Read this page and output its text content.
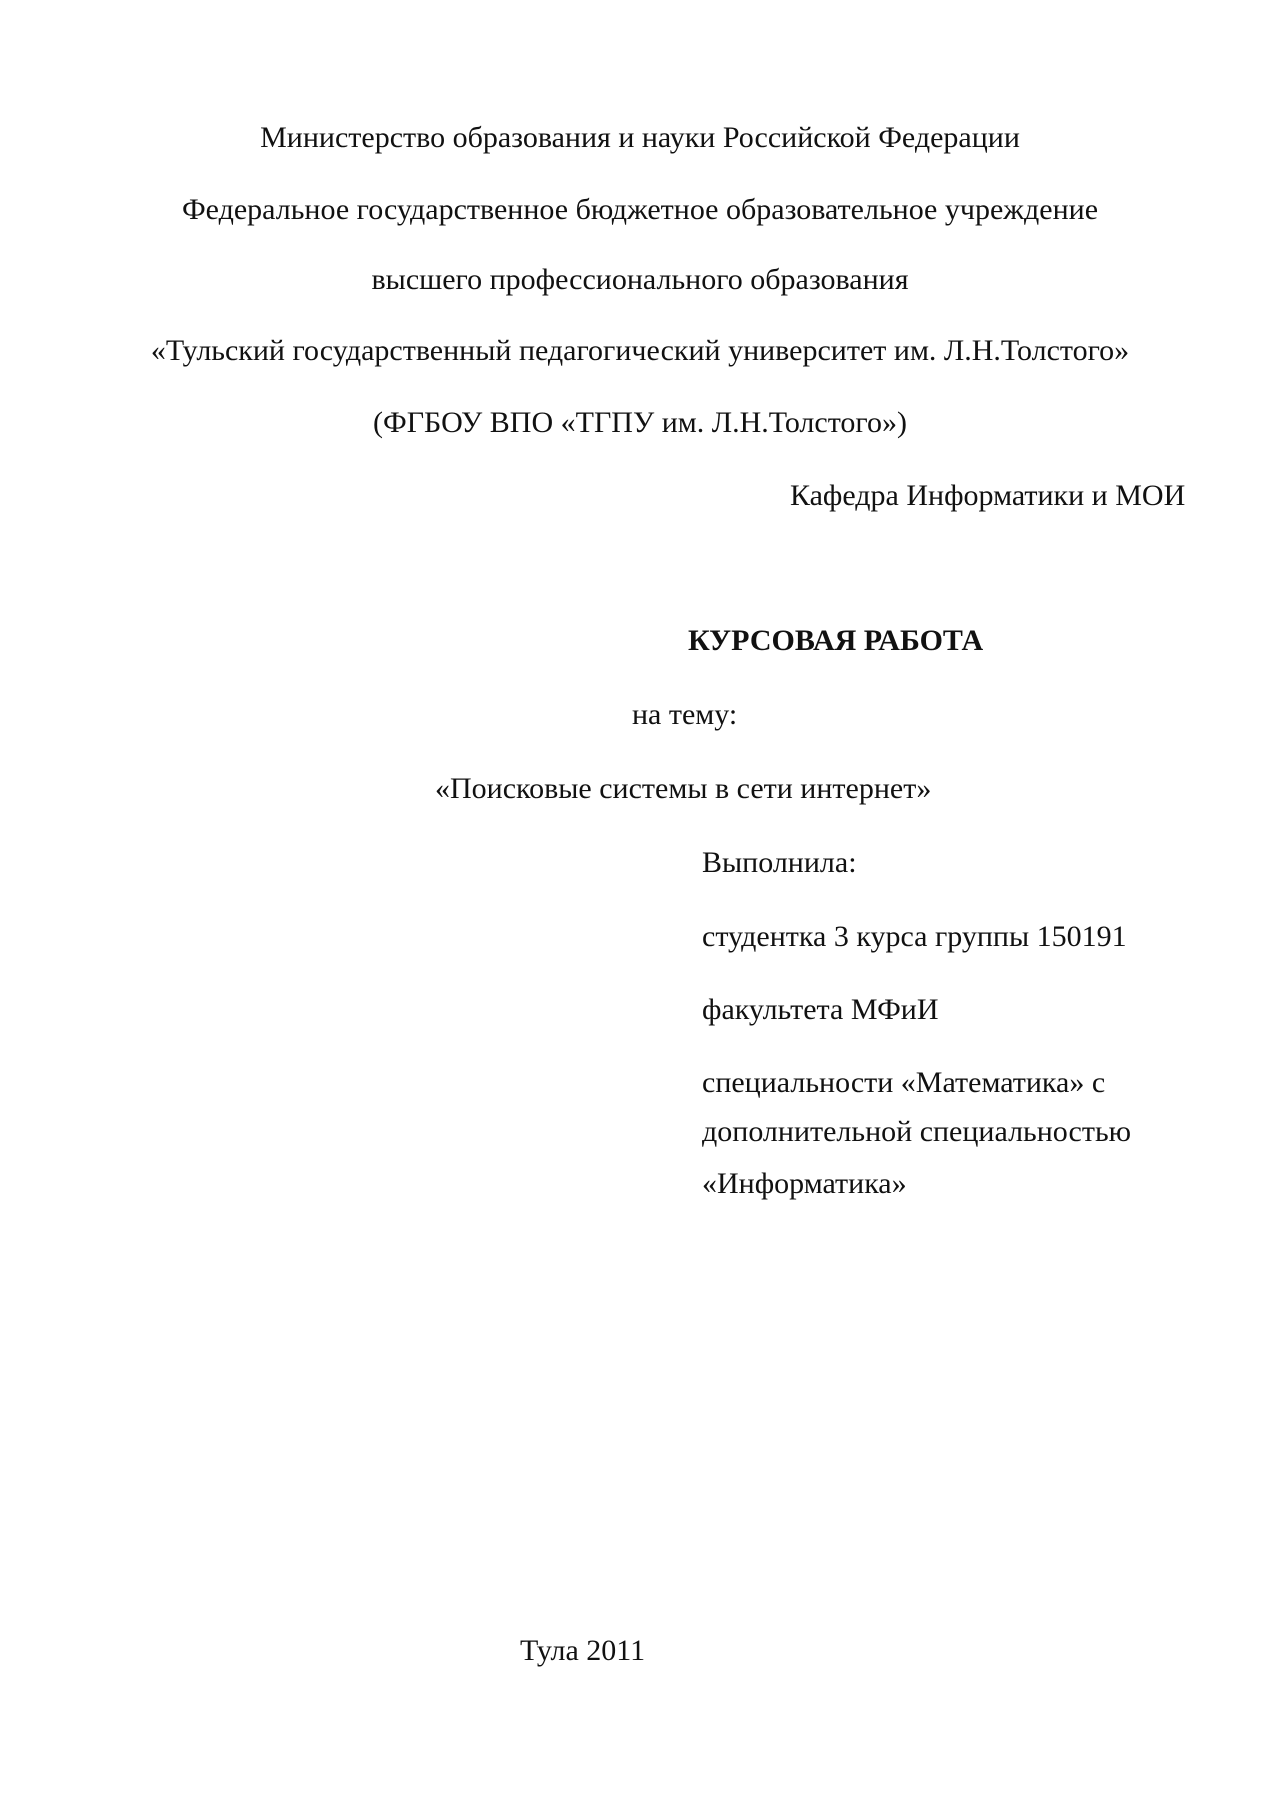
Министерство образования и науки Российской Федерации
Федеральное государственное бюджетное образовательное учреждение
высшего профессионального образования
«Тульский государственный педагогический университет им. Л.Н.Толстого»
(ФГБОУ ВПО «ТГПУ им. Л.Н.Толстого»)
Кафедра Информатики и МОИ
КУРСОВАЯ РАБОТА
на тему:
«Поисковые системы в сети интернет»
Выполнила:
студентка 3 курса группы 150191
факультета МФиИ
специальности «Математика» с
дополнительной специальностью
«Информатика»
Тула 2011
